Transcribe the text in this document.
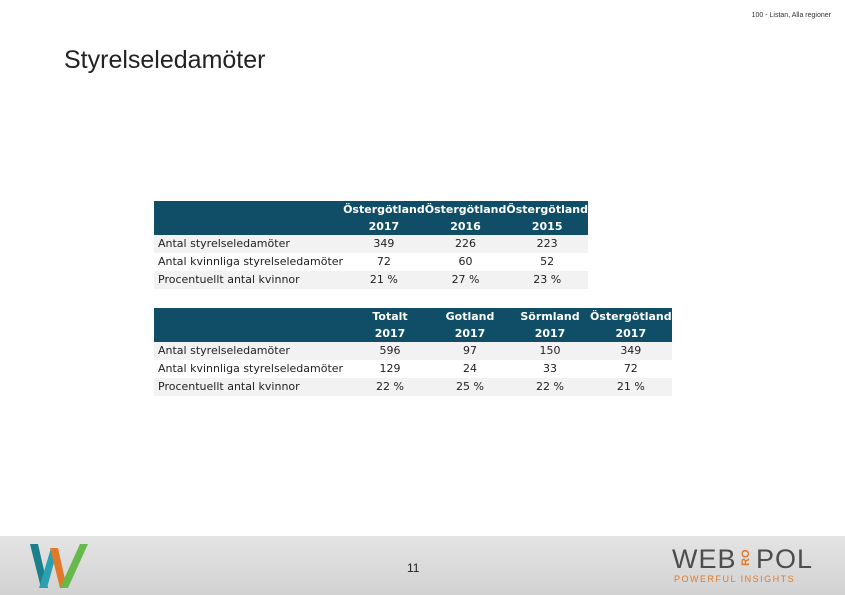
100 - Listan, Alla regioner
Styrelseledamöter
	Östergötland	Östergötland	Östergötland
	2017	2016	2015
Antal styrelseledamöter	349	226	223
Antal kvinnliga styrelseledamöter	72	60	52
Procentuellt antal kvinnor	21 %	27 %	23 %
	Totalt	Gotland	Sörmland	Östergötland
	2017	2017	2017	2017
Antal styrelseledamöter	596	97	150	349
Antal kvinnliga styrelseledamöter	129	24	33	72
Procentuellt antal kvinnor	22 %	25 %	22 %	21 %
11	WEB RO POL
POWERFUL INSIGHTS
